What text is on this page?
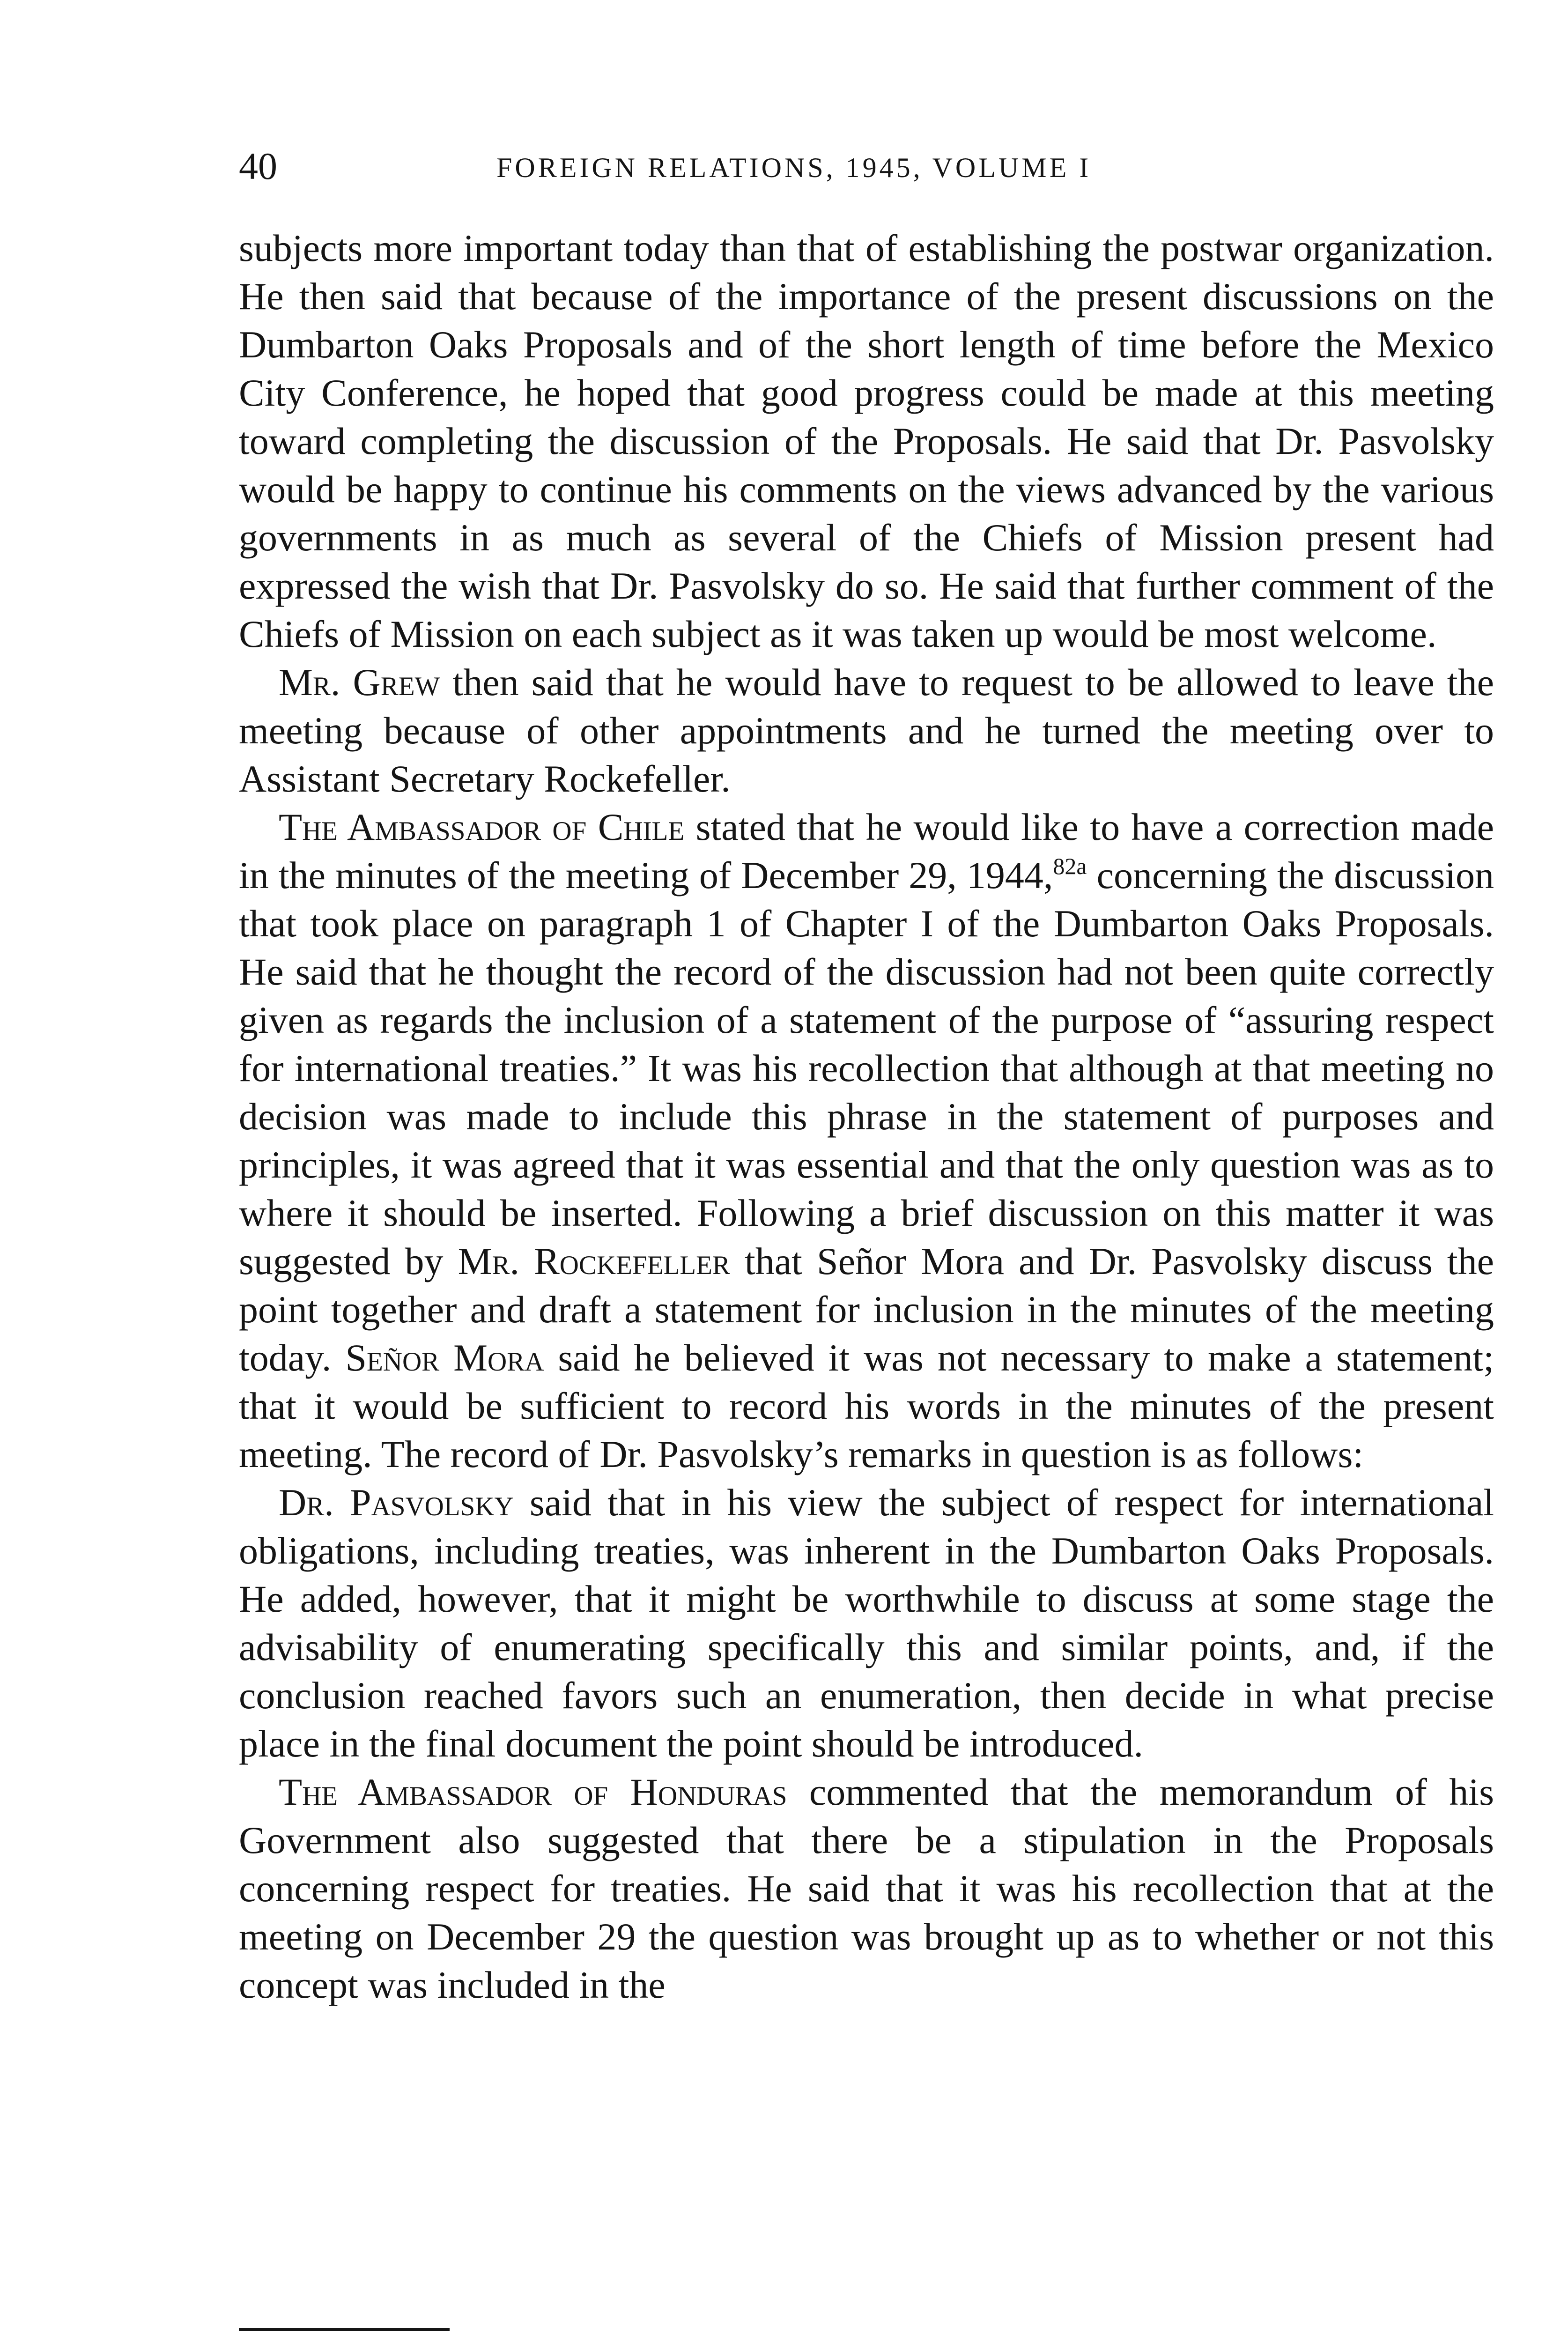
40	FOREIGN RELATIONS, 1945, VOLUME I

subjects more important today than that of establishing the postwar organization. He then said that because of the importance of the present discussions on the Dumbarton Oaks Proposals and of the short length of time before the Mexico City Conference, he hoped that good progress could be made at this meeting toward completing the discussion of the Proposals. He said that Dr. Pasvolsky would be happy to continue his comments on the views advanced by the various governments in as much as several of the Chiefs of Mission present had expressed the wish that Dr. Pasvolsky do so. He said that further comment of the Chiefs of Mission on each subject as it was taken up would be most welcome.

Mr. Grew then said that he would have to request to be allowed to leave the meeting because of other appointments and he turned the meeting over to Assistant Secretary Rockefeller.

The Ambassador of Chile stated that he would like to have a correction made in the minutes of the meeting of December 29, 1944,$^{82a}$ concerning the discussion that took place on paragraph 1 of Chapter I of the Dumbarton Oaks Proposals. He said that he thought the record of the discussion had not been quite correctly given as regards the inclusion of a statement of the purpose of “assuring respect for international treaties.” It was his recollection that although at that meeting no decision was made to include this phrase in the statement of purposes and principles, it was agreed that it was essential and that the only question was as to where it should be inserted. Following a brief discussion on this matter it was suggested by Mr. Rockefeller that Señor Mora and Dr. Pasvolsky discuss the point together and draft a statement for inclusion in the minutes of the meeting today. Señor Mora said he believed it was not necessary to make a statement; that it would be sufficient to record his words in the minutes of the present meeting. The record of Dr. Pasvolsky’s remarks in question is as follows:

Dr. Pasvolsky said that in his view the subject of respect for international obligations, including treaties, was inherent in the Dumbarton Oaks Proposals. He added, however, that it might be worthwhile to discuss at some stage the advisability of enumerating specifically this and similar points, and, if the conclusion reached favors such an enumeration, then decide in what precise place in the final document the point should be introduced.

The Ambassador of Honduras commented that the memorandum of his Government also suggested that there be a stipulation in the Proposals concerning respect for treaties. He said that it was his recollection that at the meeting on December 29 the question was brought up as to whether or not this concept was included in the
